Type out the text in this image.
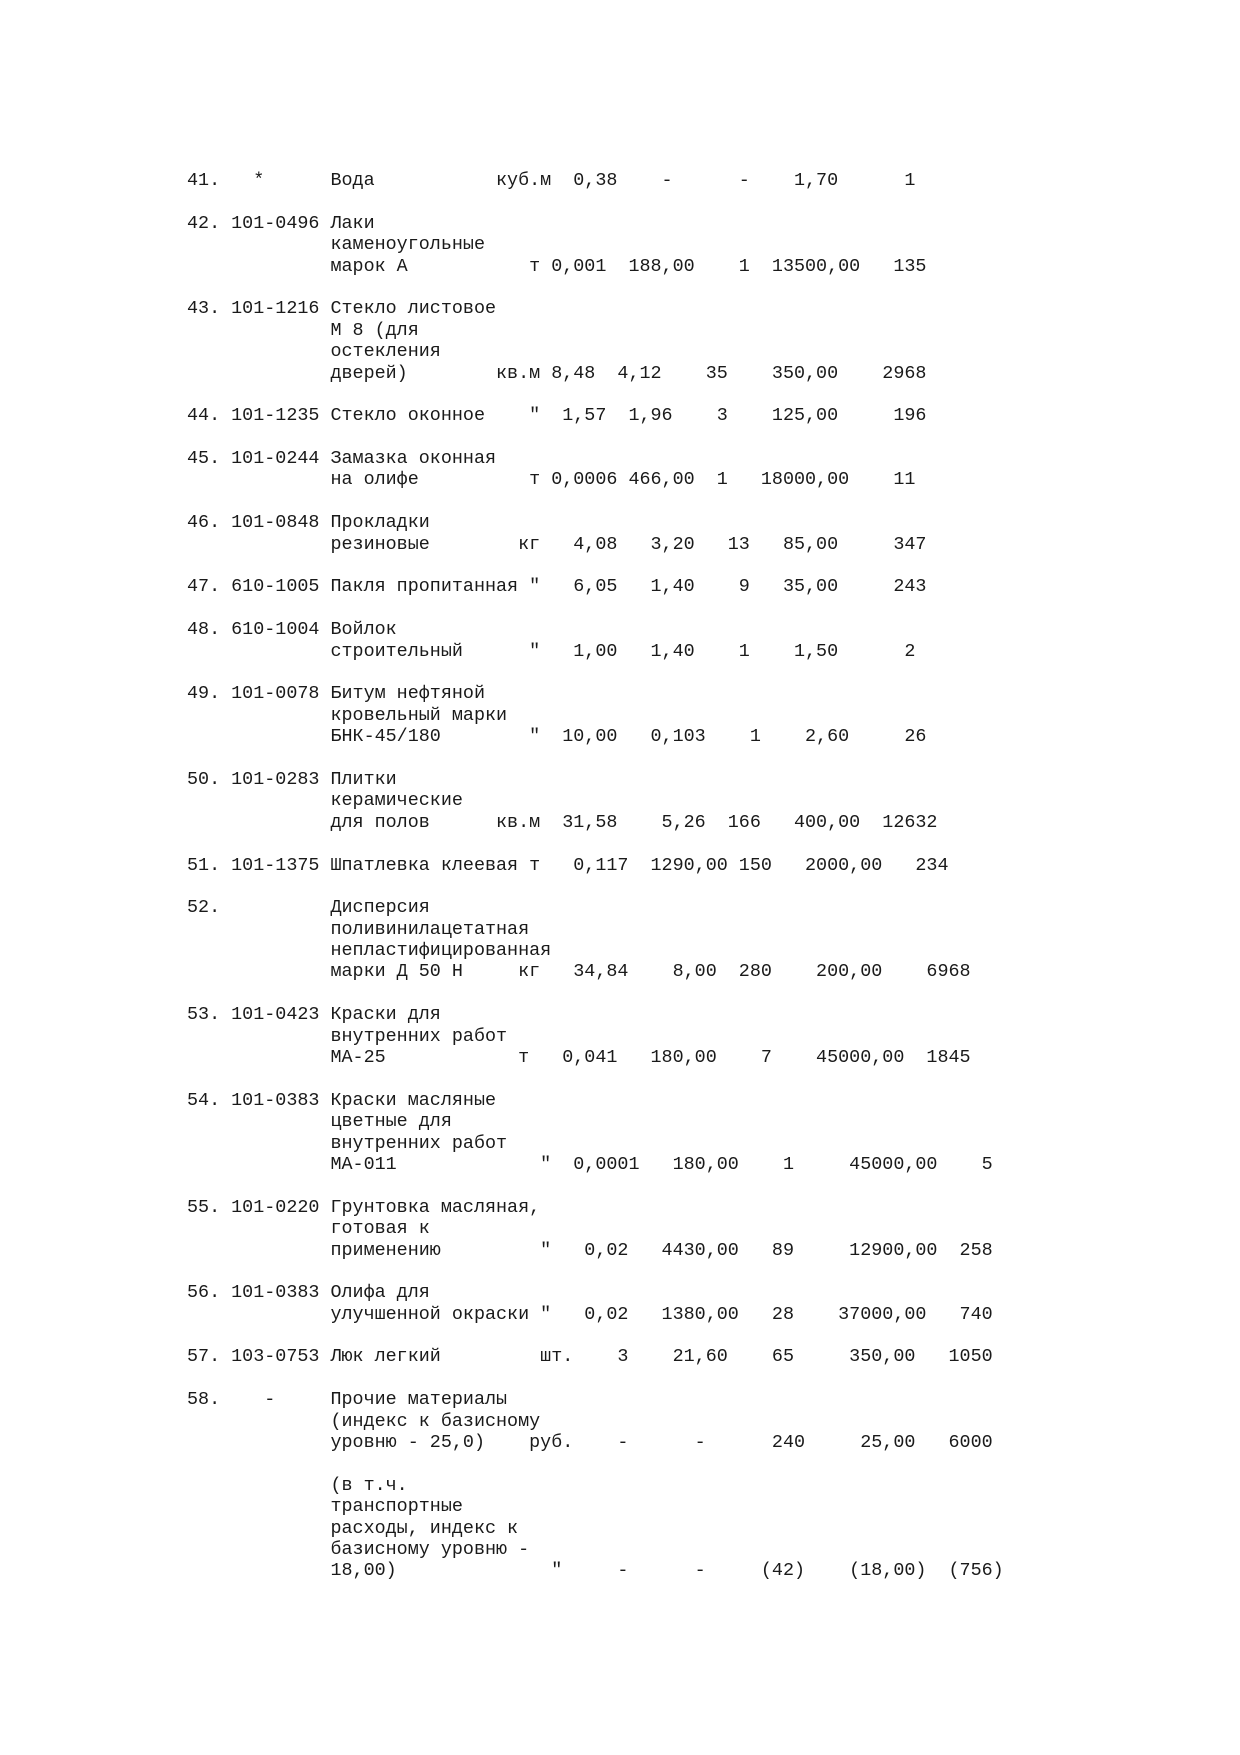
41.   *      Вода           куб.м  0,38    -      -    1,70      1
42. 101-0496 Лаки
каменоугольные
марок А           т 0,001  188,00    1  13500,00   135
43. 101-1216 Стекло листовое
М 8 (для
остекления
дверей)        кв.м 8,48  4,12    35    350,00    2968
44. 101-1235 Стекло оконное    "  1,57  1,96    3    125,00     196
45. 101-0244 Замазка оконная
на олифе          т 0,0006 466,00  1   18000,00    11
46. 101-0848 Прокладки
резиновые        кг   4,08   3,20   13   85,00     347
47. 610-1005 Пакля пропитанная "   6,05   1,40    9   35,00     243
48. 610-1004 Войлок
строительный      "   1,00   1,40    1    1,50      2
49. 101-0078 Битум нефтяной
кровельный марки
БНК-45/180        "  10,00   0,103    1    2,60     26
50. 101-0283 Плитки
керамические
для полов      кв.м  31,58    5,26  166   400,00  12632
51. 101-1375 Шпатлевка клеевая т   0,117  1290,00 150   2000,00   234
52.          Дисперсия
поливинилацетатная
непластифицированная
марки Д 50 Н     кг   34,84    8,00  280    200,00    6968
53. 101-0423 Краски для
внутренних работ
МА-25            т   0,041   180,00    7    45000,00  1845
54. 101-0383 Краски масляные
цветные для
внутренних работ
МА-011             "  0,0001   180,00    1     45000,00    5
55. 101-0220 Грунтовка масляная,
готовая к
применению         "   0,02   4430,00   89     12900,00  258
56. 101-0383 Олифа для
улучшенной окраски "   0,02   1380,00   28    37000,00   740
57. 103-0753 Люк легкий         шт.    3    21,60    65     350,00   1050
58.    -     Прочие материалы
(индекс к базисному
уровню - 25,0)    руб.    -      -      240     25,00   6000
(в т.ч.
транспортные
расходы, индекс к
базисному уровню -
18,00)              "     -      -     (42)    (18,00)  (756)
